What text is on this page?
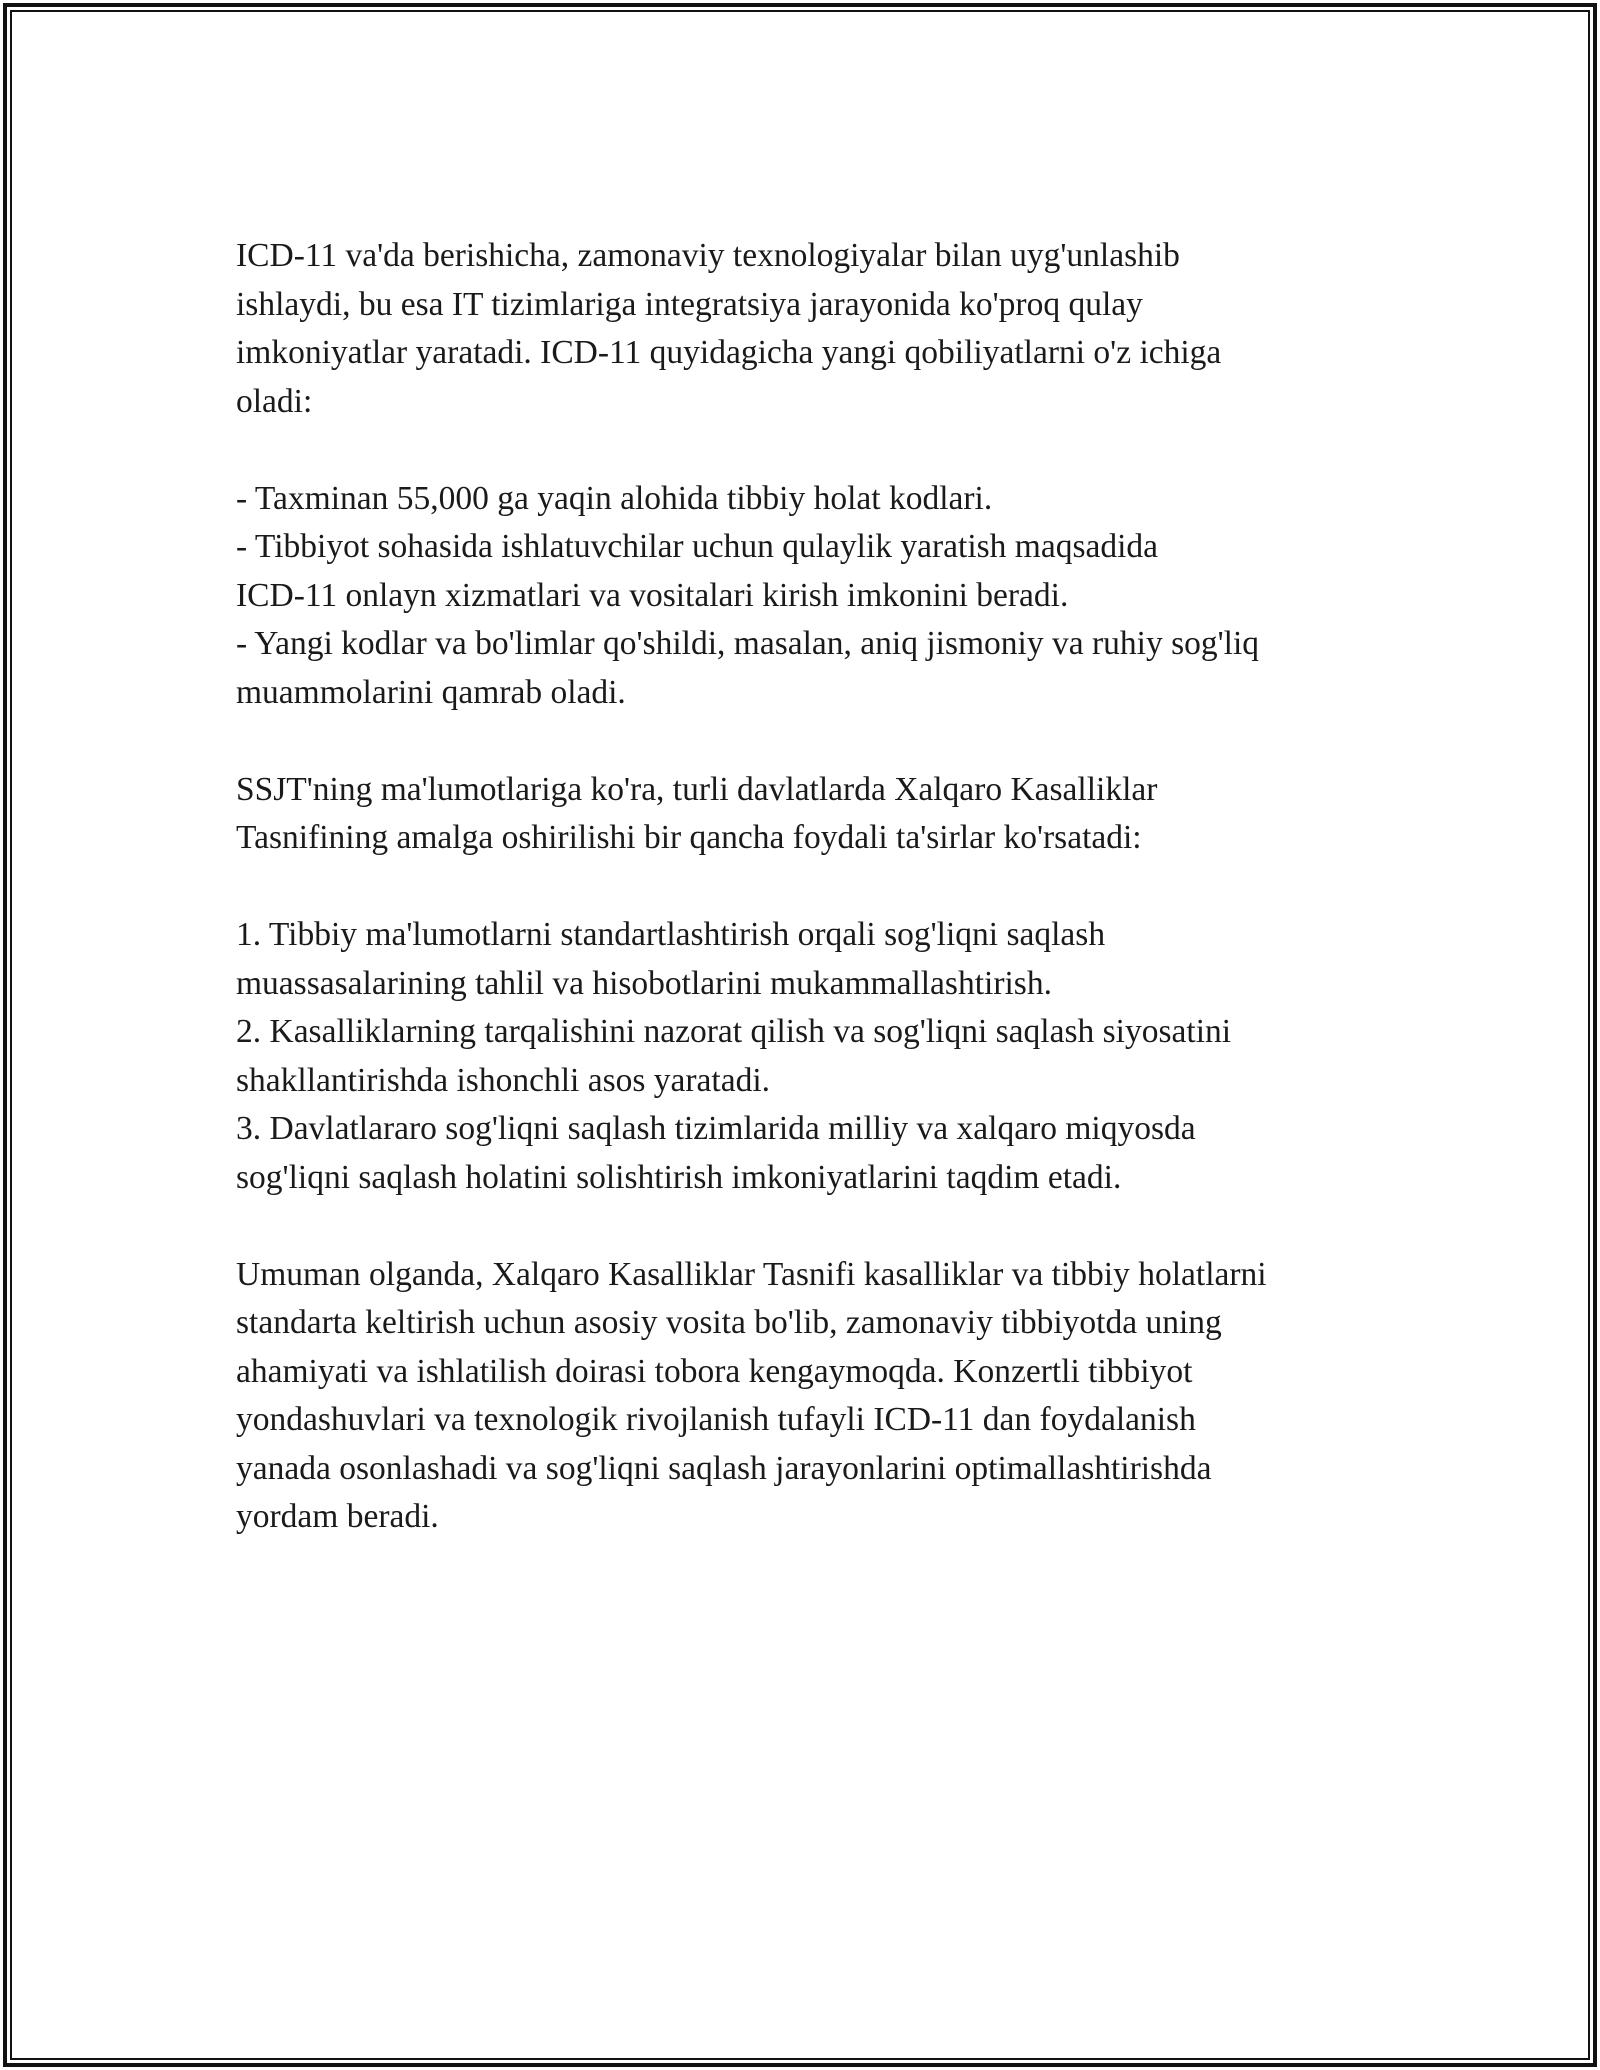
ICD-11 va'da berishicha, zamonaviy texnologiyalar bilan uyg'unlashib
ishlaydi, bu esa IT tizimlariga integratsiya jarayonida ko'proq qulay
imkoniyatlar yaratadi. ICD-11 quyidagicha yangi qobiliyatlarni o'z ichiga
oladi:
- Taxminan 55,000 ga yaqin alohida tibbiy holat kodlari.
- Tibbiyot sohasida ishlatuvchilar uchun qulaylik yaratish maqsadida
ICD-11 onlayn xizmatlari va vositalari kirish imkonini beradi.
- Yangi kodlar va bo'limlar qo'shildi, masalan, aniq jismoniy va ruhiy sog'liq
muammolarini qamrab oladi.
SSJT'ning ma'lumotlariga ko'ra, turli davlatlarda Xalqaro Kasalliklar
Tasnifining amalga oshirilishi bir qancha foydali ta'sirlar ko'rsatadi:
1. Tibbiy ma'lumotlarni standartlashtirish orqali sog'liqni saqlash
muassasalarining tahlil va hisobotlarini mukammallashtirish.
2. Kasalliklarning tarqalishini nazorat qilish va sog'liqni saqlash siyosatini
shakllantirishda ishonchli asos yaratadi.
3. Davlatlararo sog'liqni saqlash tizimlarida milliy va xalqaro miqyosda
sog'liqni saqlash holatini solishtirish imkoniyatlarini taqdim etadi.
Umuman olganda, Xalqaro Kasalliklar Tasnifi kasalliklar va tibbiy holatlarni
standarta keltirish uchun asosiy vosita bo'lib, zamonaviy tibbiyotda uning
ahamiyati va ishlatilish doirasi tobora kengaymoqda. Konzertli tibbiyot
yondashuvlari va texnologik rivojlanish tufayli ICD-11 dan foydalanish
yanada osonlashadi va sog'liqni saqlash jarayonlarini optimallashtirishda
yordam beradi.
